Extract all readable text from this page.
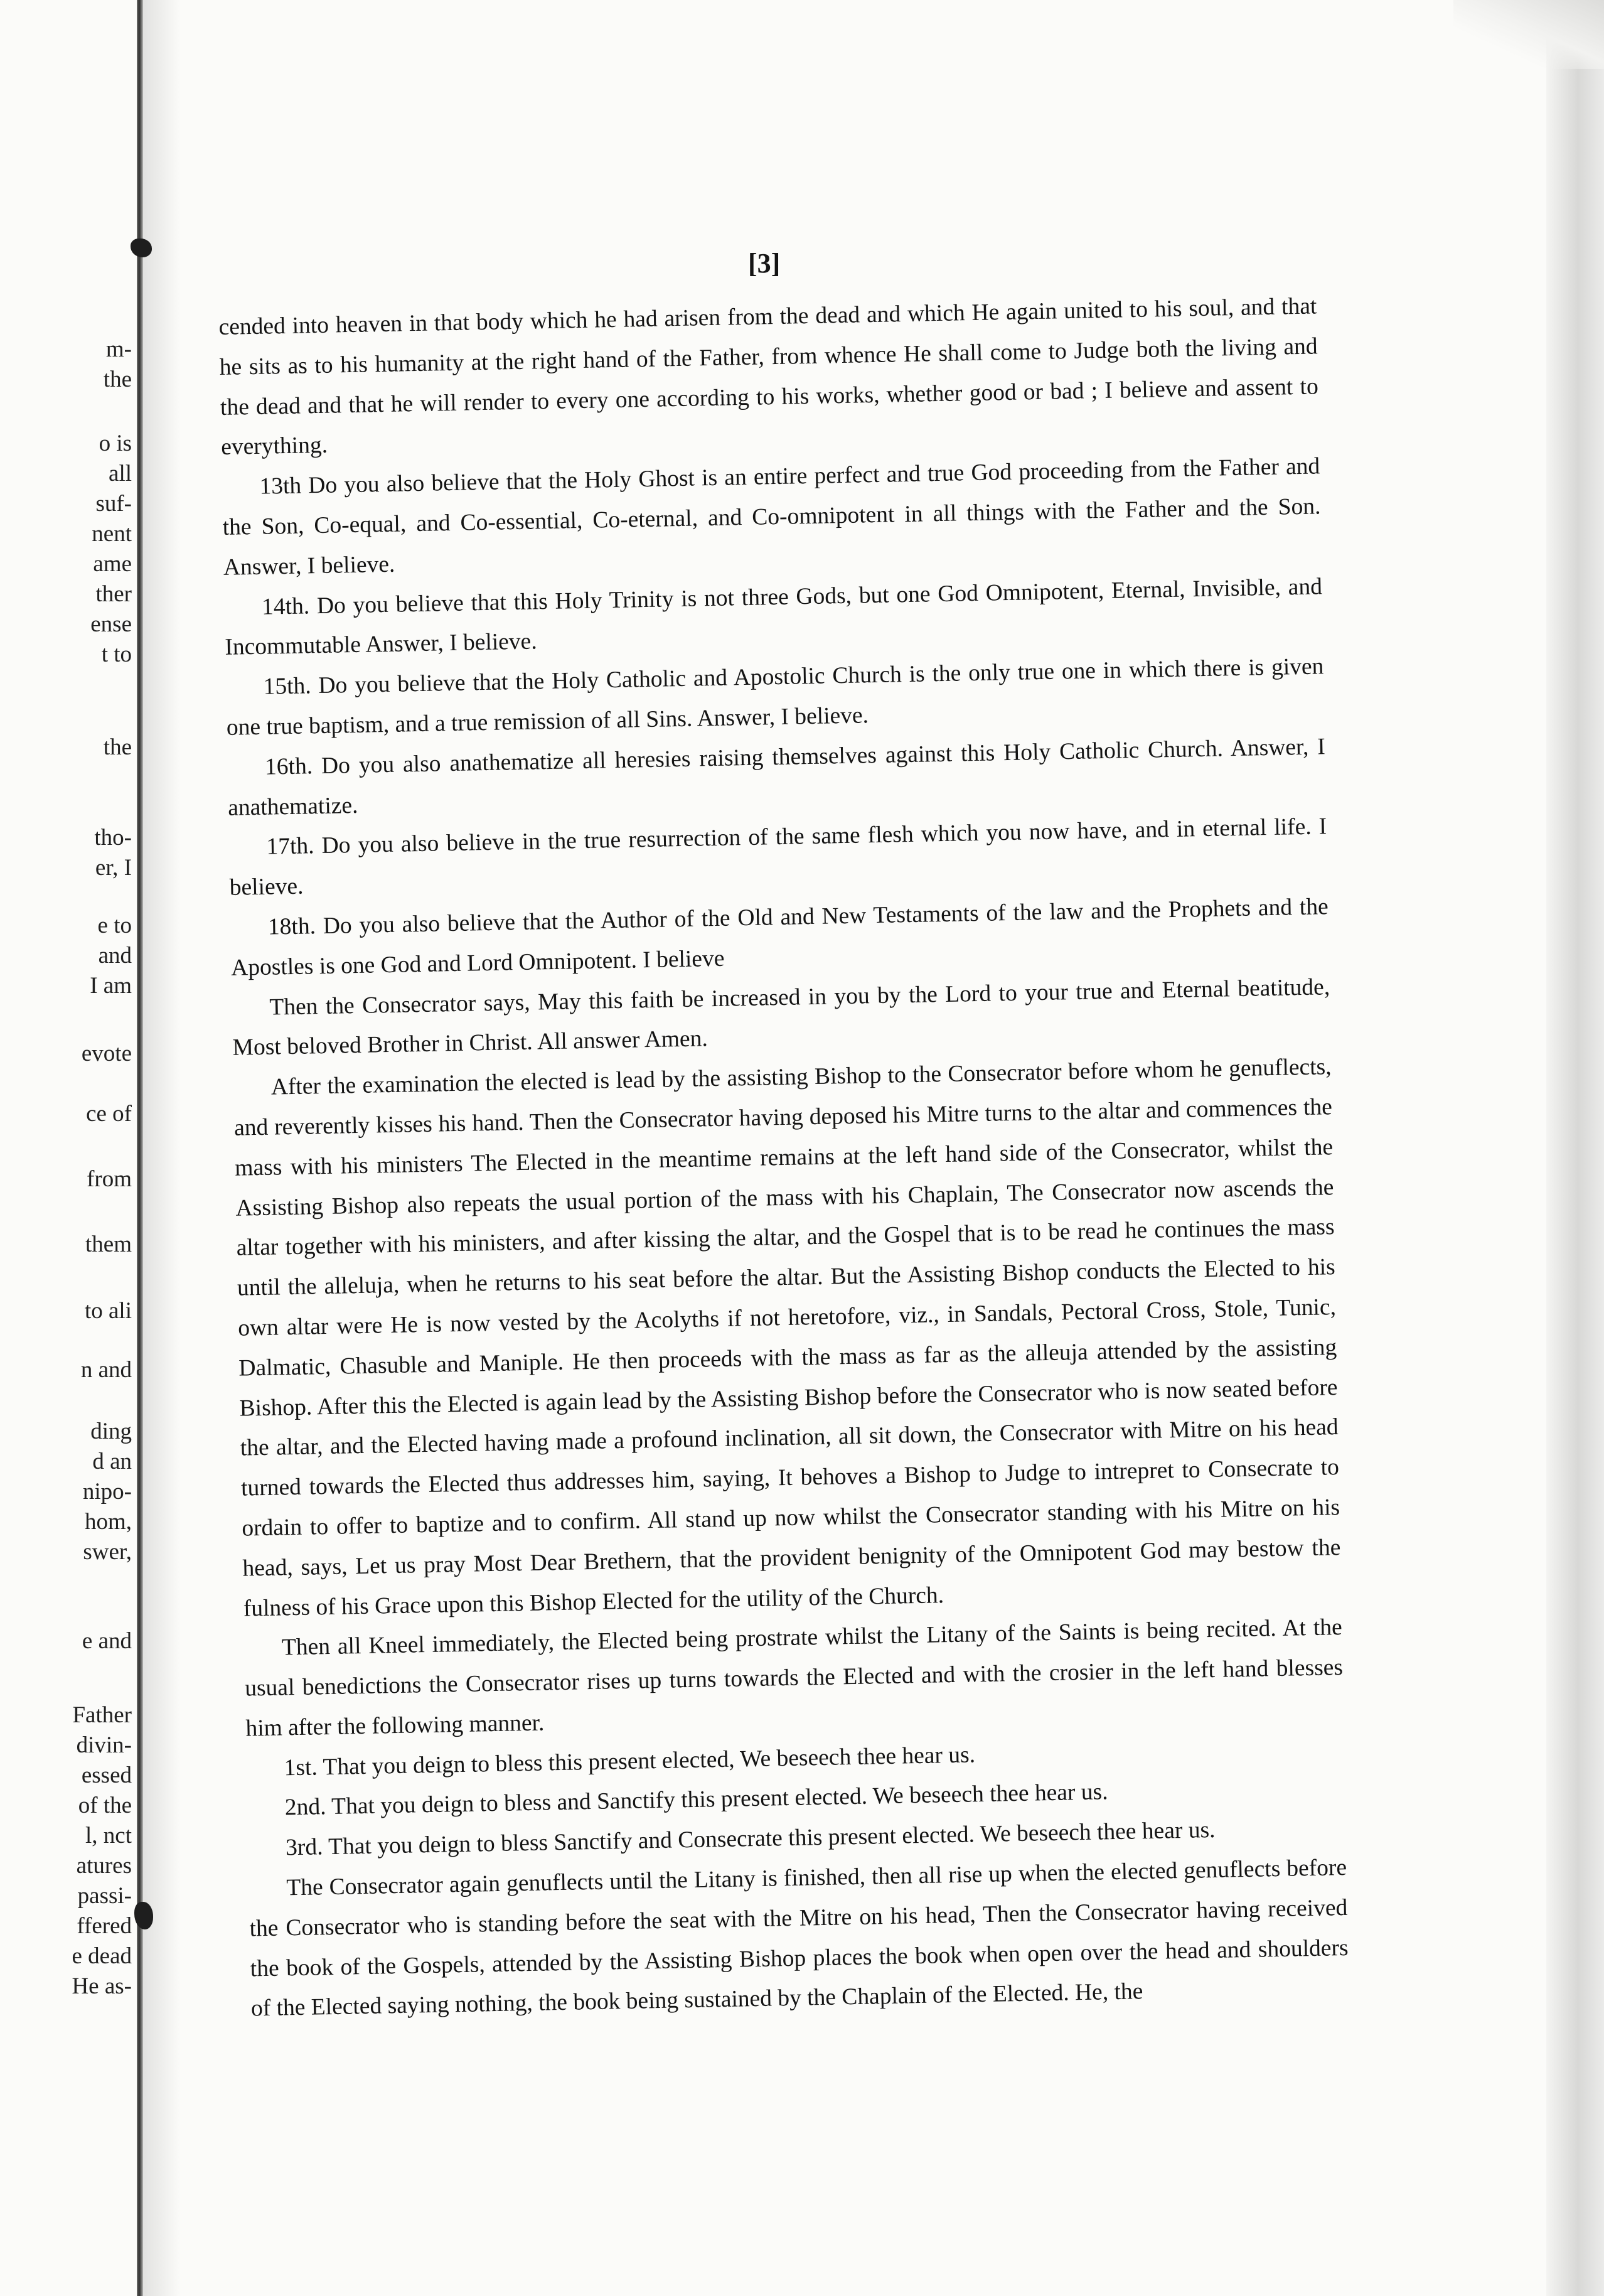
m-
the
o is
all
suf-
nent
ame
ther
ense
t to
the
tho-
er, I
e to
and
I am
evote
ce of
from
them
to ali
n and
ding
d an
nipo-
hom,
swer,
e and
Father
divin-
essed
of the
l, nct
atures
passi-
ffered
e dead
He as-
[3]

cended into heaven in that body which he had arisen from the dead and which He again united to his soul, and that he sits as to his humanity at the right hand of the Father, from whence He shall come to Judge both the living and the dead and that he will render to every one according to his works, whether good or bad ; I believe and assent to everything.

13th Do you also believe that the Holy Ghost is an entire perfect and true God proceeding from the Father and the Son, Co-equal, and Co-essential, Co-eternal, and Co-omnipotent in all things with the Father and the Son. Answer, I believe.

14th. Do you believe that this Holy Trinity is not three Gods, but one God Omnipotent, Eternal, Invisible, and Incommutable Answer, I believe.

15th. Do you believe that the Holy Catholic and Apostolic Church is the only true one in which there is given one true baptism, and a true remission of all Sins. Answer, I believe.

16th. Do you also anathematize all heresies raising themselves against this Holy Catholic Church. Answer, I anathematize.

17th. Do you also believe in the true resurrection of the same flesh which you now have, and in eternal life. I believe.

18th. Do you also believe that the Author of the Old and New Testaments of the law and the Prophets and the Apostles is one God and Lord Omnipotent. I believe

Then the Consecrator says, May this faith be increased in you by the Lord to your true and Eternal beatitude, Most beloved Brother in Christ. All answer Amen.

After the examination the elected is lead by the assisting Bishop to the Consecrator before whom he genuflects, and reverently kisses his hand. Then the Consecrator having deposed his Mitre turns to the altar and commences the mass with his ministers The Elected in the meantime remains at the left hand side of the Consecrator, whilst the Assisting Bishop also repeats the usual portion of the mass with his Chaplain, The Consecrator now ascends the altar together with his ministers, and after kissing the altar, and the Gospel that is to be read he continues the mass until the alleluja, when he returns to his seat before the altar. But the Assisting Bishop conducts the Elected to his own altar were He is now vested by the Acolyths if not heretofore, viz., in Sandals, Pectoral Cross, Stole, Tunic, Dalmatic, Chasuble and Maniple. He then proceeds with the mass as far as the alleuja attended by the assisting Bishop. After this the Elected is again lead by the Assisting Bishop before the Consecrator who is now seated before the altar, and the Elected having made a profound inclination, all sit down, the Consecrator with Mitre on his head turned towards the Elected thus addresses him, saying, It behoves a Bishop to Judge to intrepret to Consecrate to ordain to offer to baptize and to confirm. All stand up now whilst the Consecrator standing with his Mitre on his head, says, Let us pray Most Dear Brethern, that the provident benignity of the Omnipotent God may bestow the fulness of his Grace upon this Bishop Elected for the utility of the Church.

Then all Kneel immediately, the Elected being prostrate whilst the Litany of the Saints is being recited. At the usual benedictions the Consecrator rises up turns towards the Elected and with the crosier in the left hand blesses him after the following manner.

1st. That you deign to bless this present elected, We beseech thee hear us.

2nd. That you deign to bless and Sanctify this present elected. We beseech thee hear us.

3rd. That you deign to bless Sanctify and Consecrate this present elected. We beseech thee hear us.

The Consecrator again genuflects until the Litany is finished, then all rise up when the elected genuflects before the Consecrator who is standing before the seat with the Mitre on his head, Then the Consecrator having received the book of the Gospels, attended by the Assisting Bishop places the book when open over the head and shoulders of the Elected saying nothing, the book being sustained by the Chaplain of the Elected. He, the
